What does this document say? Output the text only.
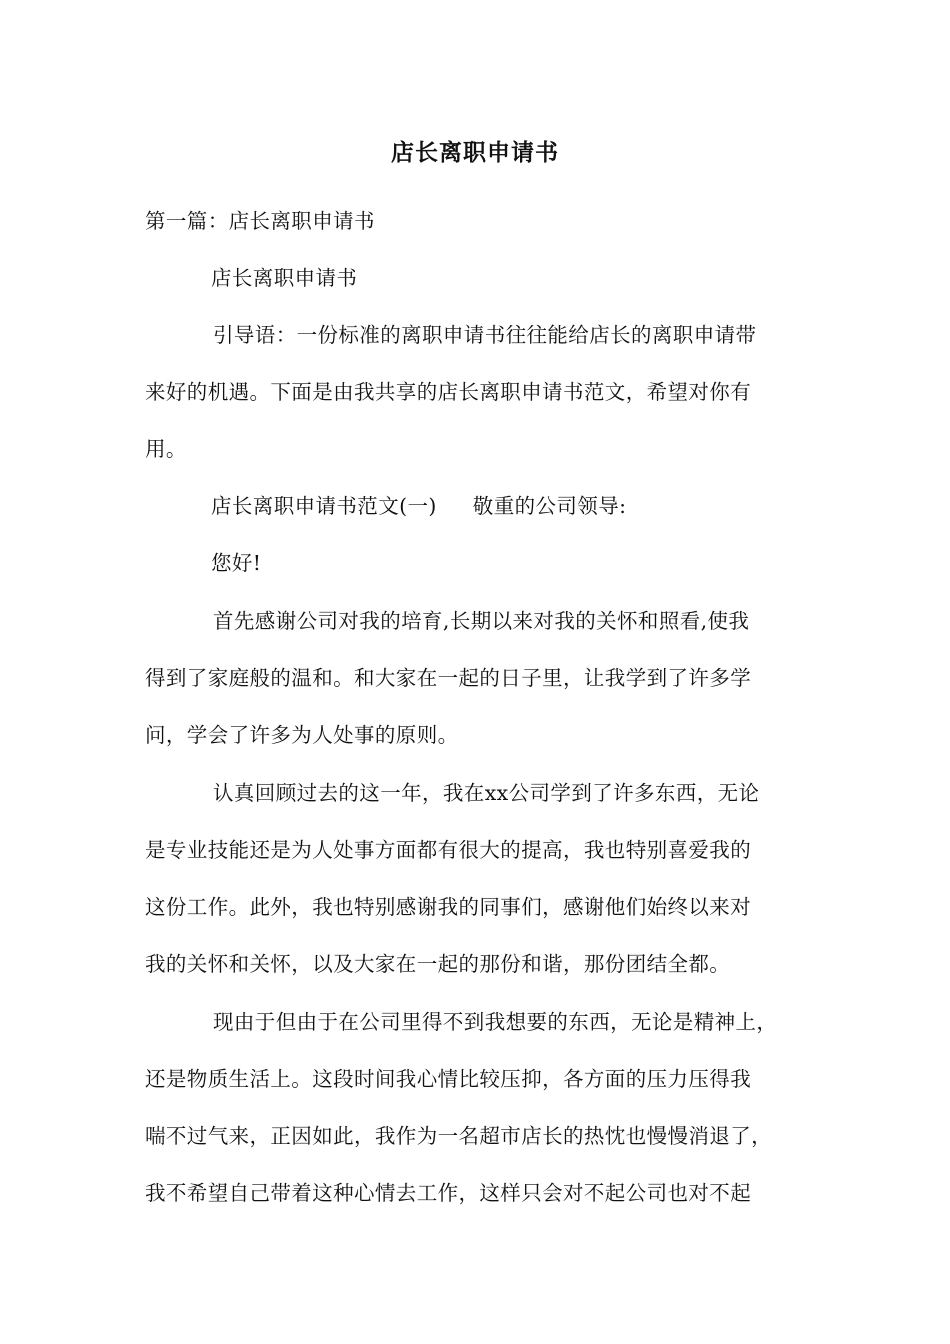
店长离职申请书
第一篇：店长离职申请书
店长离职申请书
引导语：一份标准的离职申请书往往能给店长的离职申请带
来好的机遇。下面是由我共享的店长离职申请书范文，希望对你有
用。
店长离职申请书范文(一) 敬重的公司领导:
您好!
首先感谢公司对我的培育,长期以来对我的关怀和照看,使我
得到了家庭般的温和。和大家在一起的日子里，让我学到了许多学
问，学会了许多为人处事的原则。
认真回顾过去的这一年，我在xx公司学到了许多东西，无论
是专业技能还是为人处事方面都有很大的提高，我也特别喜爱我的
这份工作。此外，我也特别感谢我的同事们，感谢他们始终以来对
我的关怀和关怀，以及大家在一起的那份和谐，那份团结全都。
现由于但由于在公司里得不到我想要的东西，无论是精神上，
还是物质生活上。这段时间我心情比较压抑，各方面的压力压得我
喘不过气来，正因如此，我作为一名超市店长的热忱也慢慢消退了，
我不希望自己带着这种心情去工作，这样只会对不起公司也对不起
